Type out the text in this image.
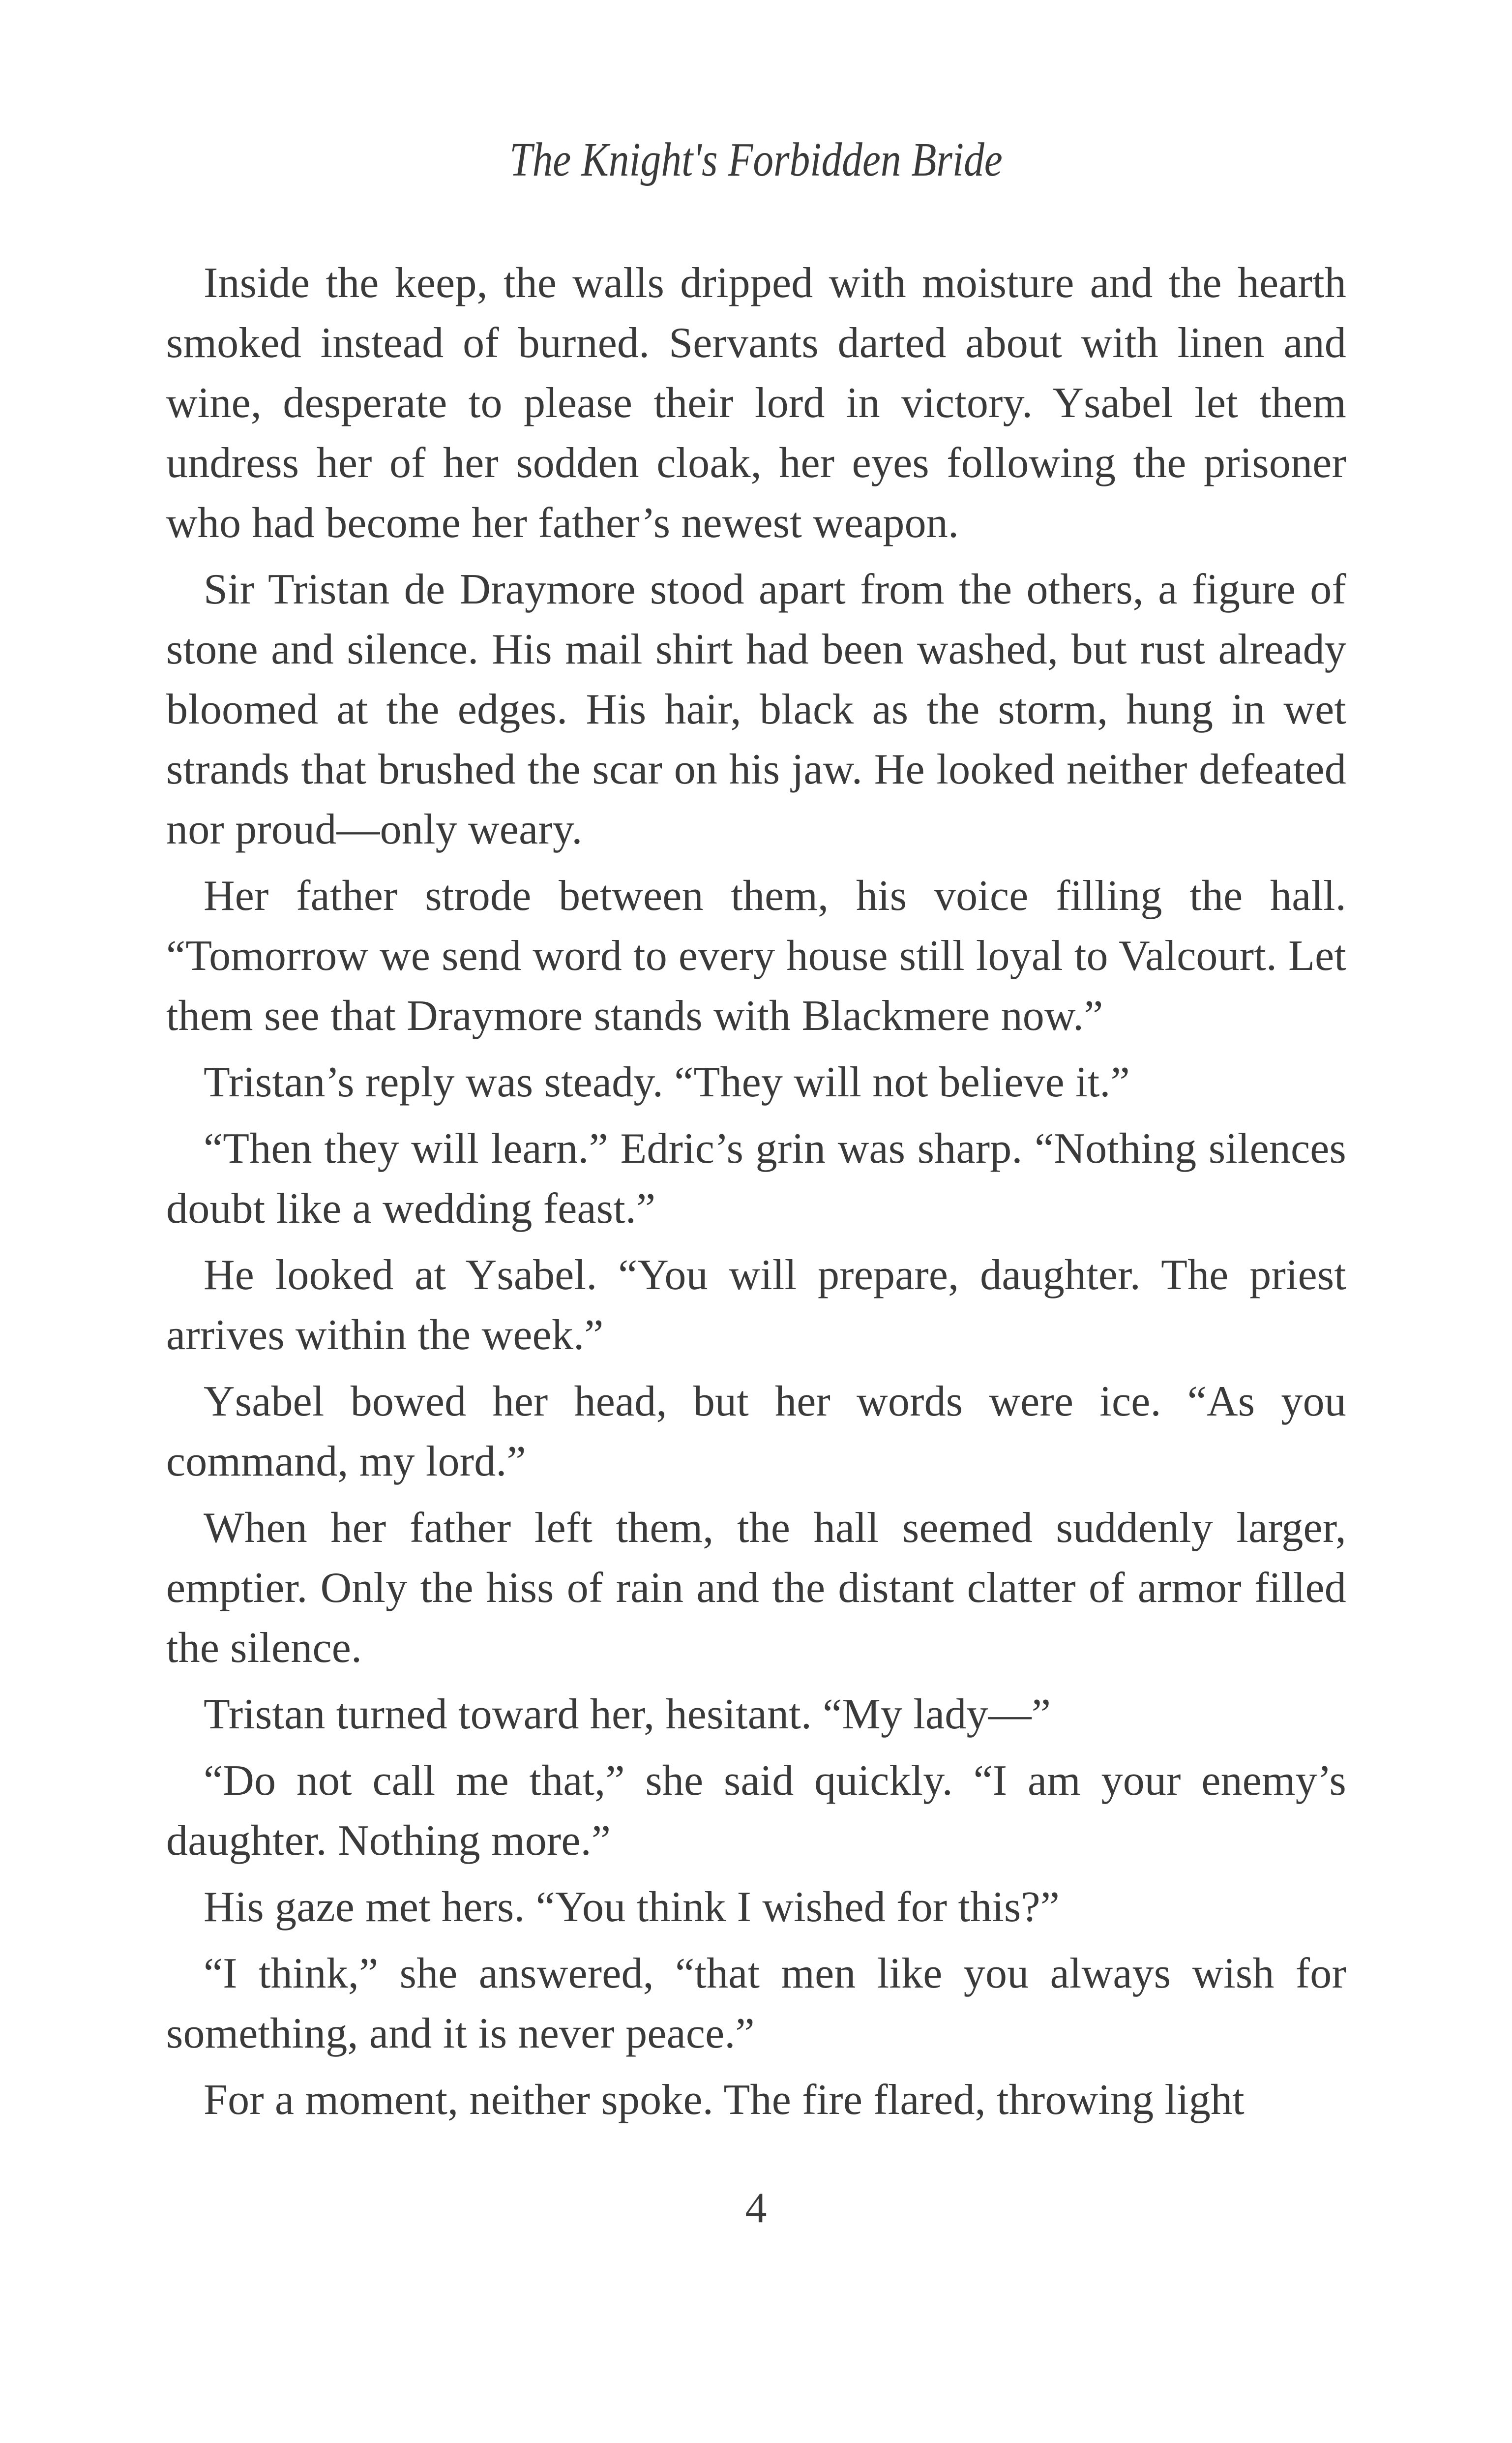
The Knight's Forbidden Bride

Inside the keep, the walls dripped with moisture and the hearth smoked instead of burned. Servants darted about with linen and wine, desperate to please their lord in victory. Ysabel let them undress her of her sodden cloak, her eyes following the prisoner who had become her father’s newest weapon.

Sir Tristan de Draymore stood apart from the others, a figure of stone and silence. His mail shirt had been washed, but rust already bloomed at the edges. His hair, black as the storm, hung in wet strands that brushed the scar on his jaw. He looked neither defeated nor proud—only weary.

Her father strode between them, his voice filling the hall. “Tomorrow we send word to every house still loyal to Valcourt. Let them see that Draymore stands with Blackmere now.”

Tristan’s reply was steady. “They will not believe it.”

“Then they will learn.” Edric’s grin was sharp. “Nothing silences doubt like a wedding feast.”

He looked at Ysabel. “You will prepare, daughter. The priest arrives within the week.”

Ysabel bowed her head, but her words were ice. “As you command, my lord.”

When her father left them, the hall seemed suddenly larger, emptier. Only the hiss of rain and the distant clatter of armor filled the silence.

Tristan turned toward her, hesitant. “My lady—”

“Do not call me that,” she said quickly. “I am your enemy’s daughter. Nothing more.”

His gaze met hers. “You think I wished for this?”

“I think,” she answered, “that men like you always wish for something, and it is never peace.”

For a moment, neither spoke. The fire flared, throwing light

4
